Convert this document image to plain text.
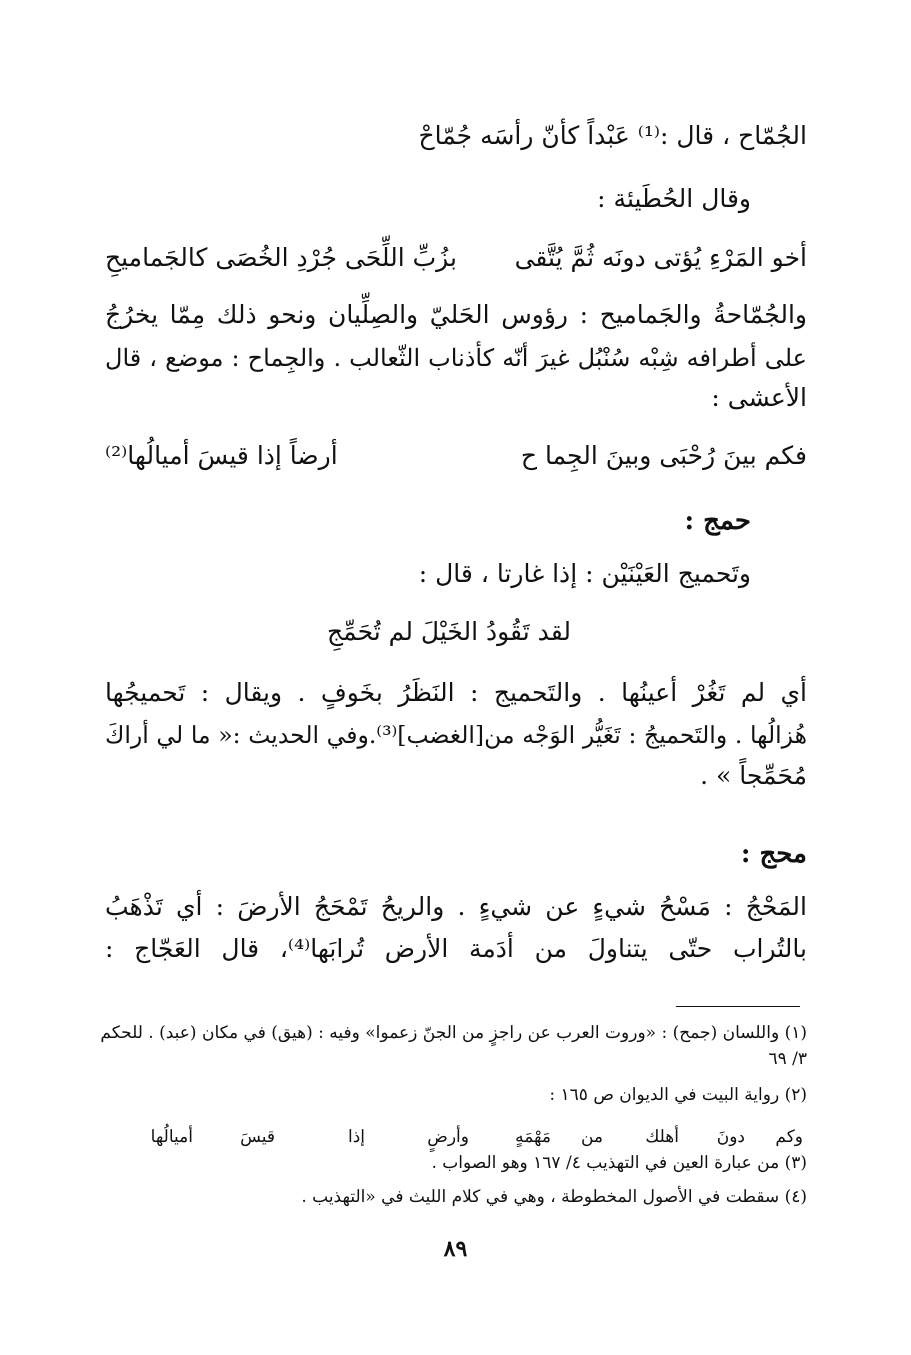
الجُمّاح ، قال :⁽¹⁾ عَبْداً كأنّ رأسَه جُمّاحْ
وقال الحُطَيئة :
أخو المَرْءِ يُؤتى دونَه ثُمَّ يُتَّقى
بزُبِّ اللِّحَى جُرْدِ الخُصَى كالجَماميحِ
والجُمّاحةُ والجَماميح : رؤوس الحَليّ والصِلِّيان ونحو ذلك مِمّا يخرُجُ
على أطرافه شِبْه سُنْبُل غيرَ أنّه كأذناب الثّعالب . والجِماح : موضع ، قال
الأعشى :
فكم بينَ رُحْبَى وبينَ الجِما ح
أرضاً إذا قيسَ أميالُها⁽²⁾
حمج :
وتَحميج العَيْنَيْن : إذا غارتا ، قال :
لقد تَقُودُ الخَيْلَ لم تُحَمِّجِ
أي لم تَغُرْ أعينُها . والتَحميج : النَظَرُ بخَوفٍ . ويقال : تَحميجُها
هُزالُها . والتَحميجُ : تَغَيُّر الوَجْه من[الغضب]⁽³⁾.وفي الحديث :« ما لي أراكَ
مُحَمِّجاً » .
محج :
المَحْجُ : مَسْحُ شيءٍ عن شيءٍ . والريحُ تَمْحَجُ الأرضَ : أي تَذْهَبُ
بالتُراب حتّى يتناولَ من أدَمة الأرض تُرابَها⁽⁴⁾، قال العَجّاج :
(١) واللسان (جمح) : «وروت العرب عن راجزٍ من الجنّ زعموا» وفيه : (هيق) في مكان (عبد) . للحكم
٣/ ٦٩
(٢) رواية البيت في الديوان ص ١٦٥ :
وكم
دونَ
أهلك
من
مَهْمَهٍ
وأرضٍ
إذا
قيسَ
أميالُها
(٣) من عبارة العين في التهذيب ٤/ ١٦٧ وهو الصواب .
(٤) سقطت في الأصول المخطوطة ، وهي في كلام الليث في «التهذيب .
٨٩
